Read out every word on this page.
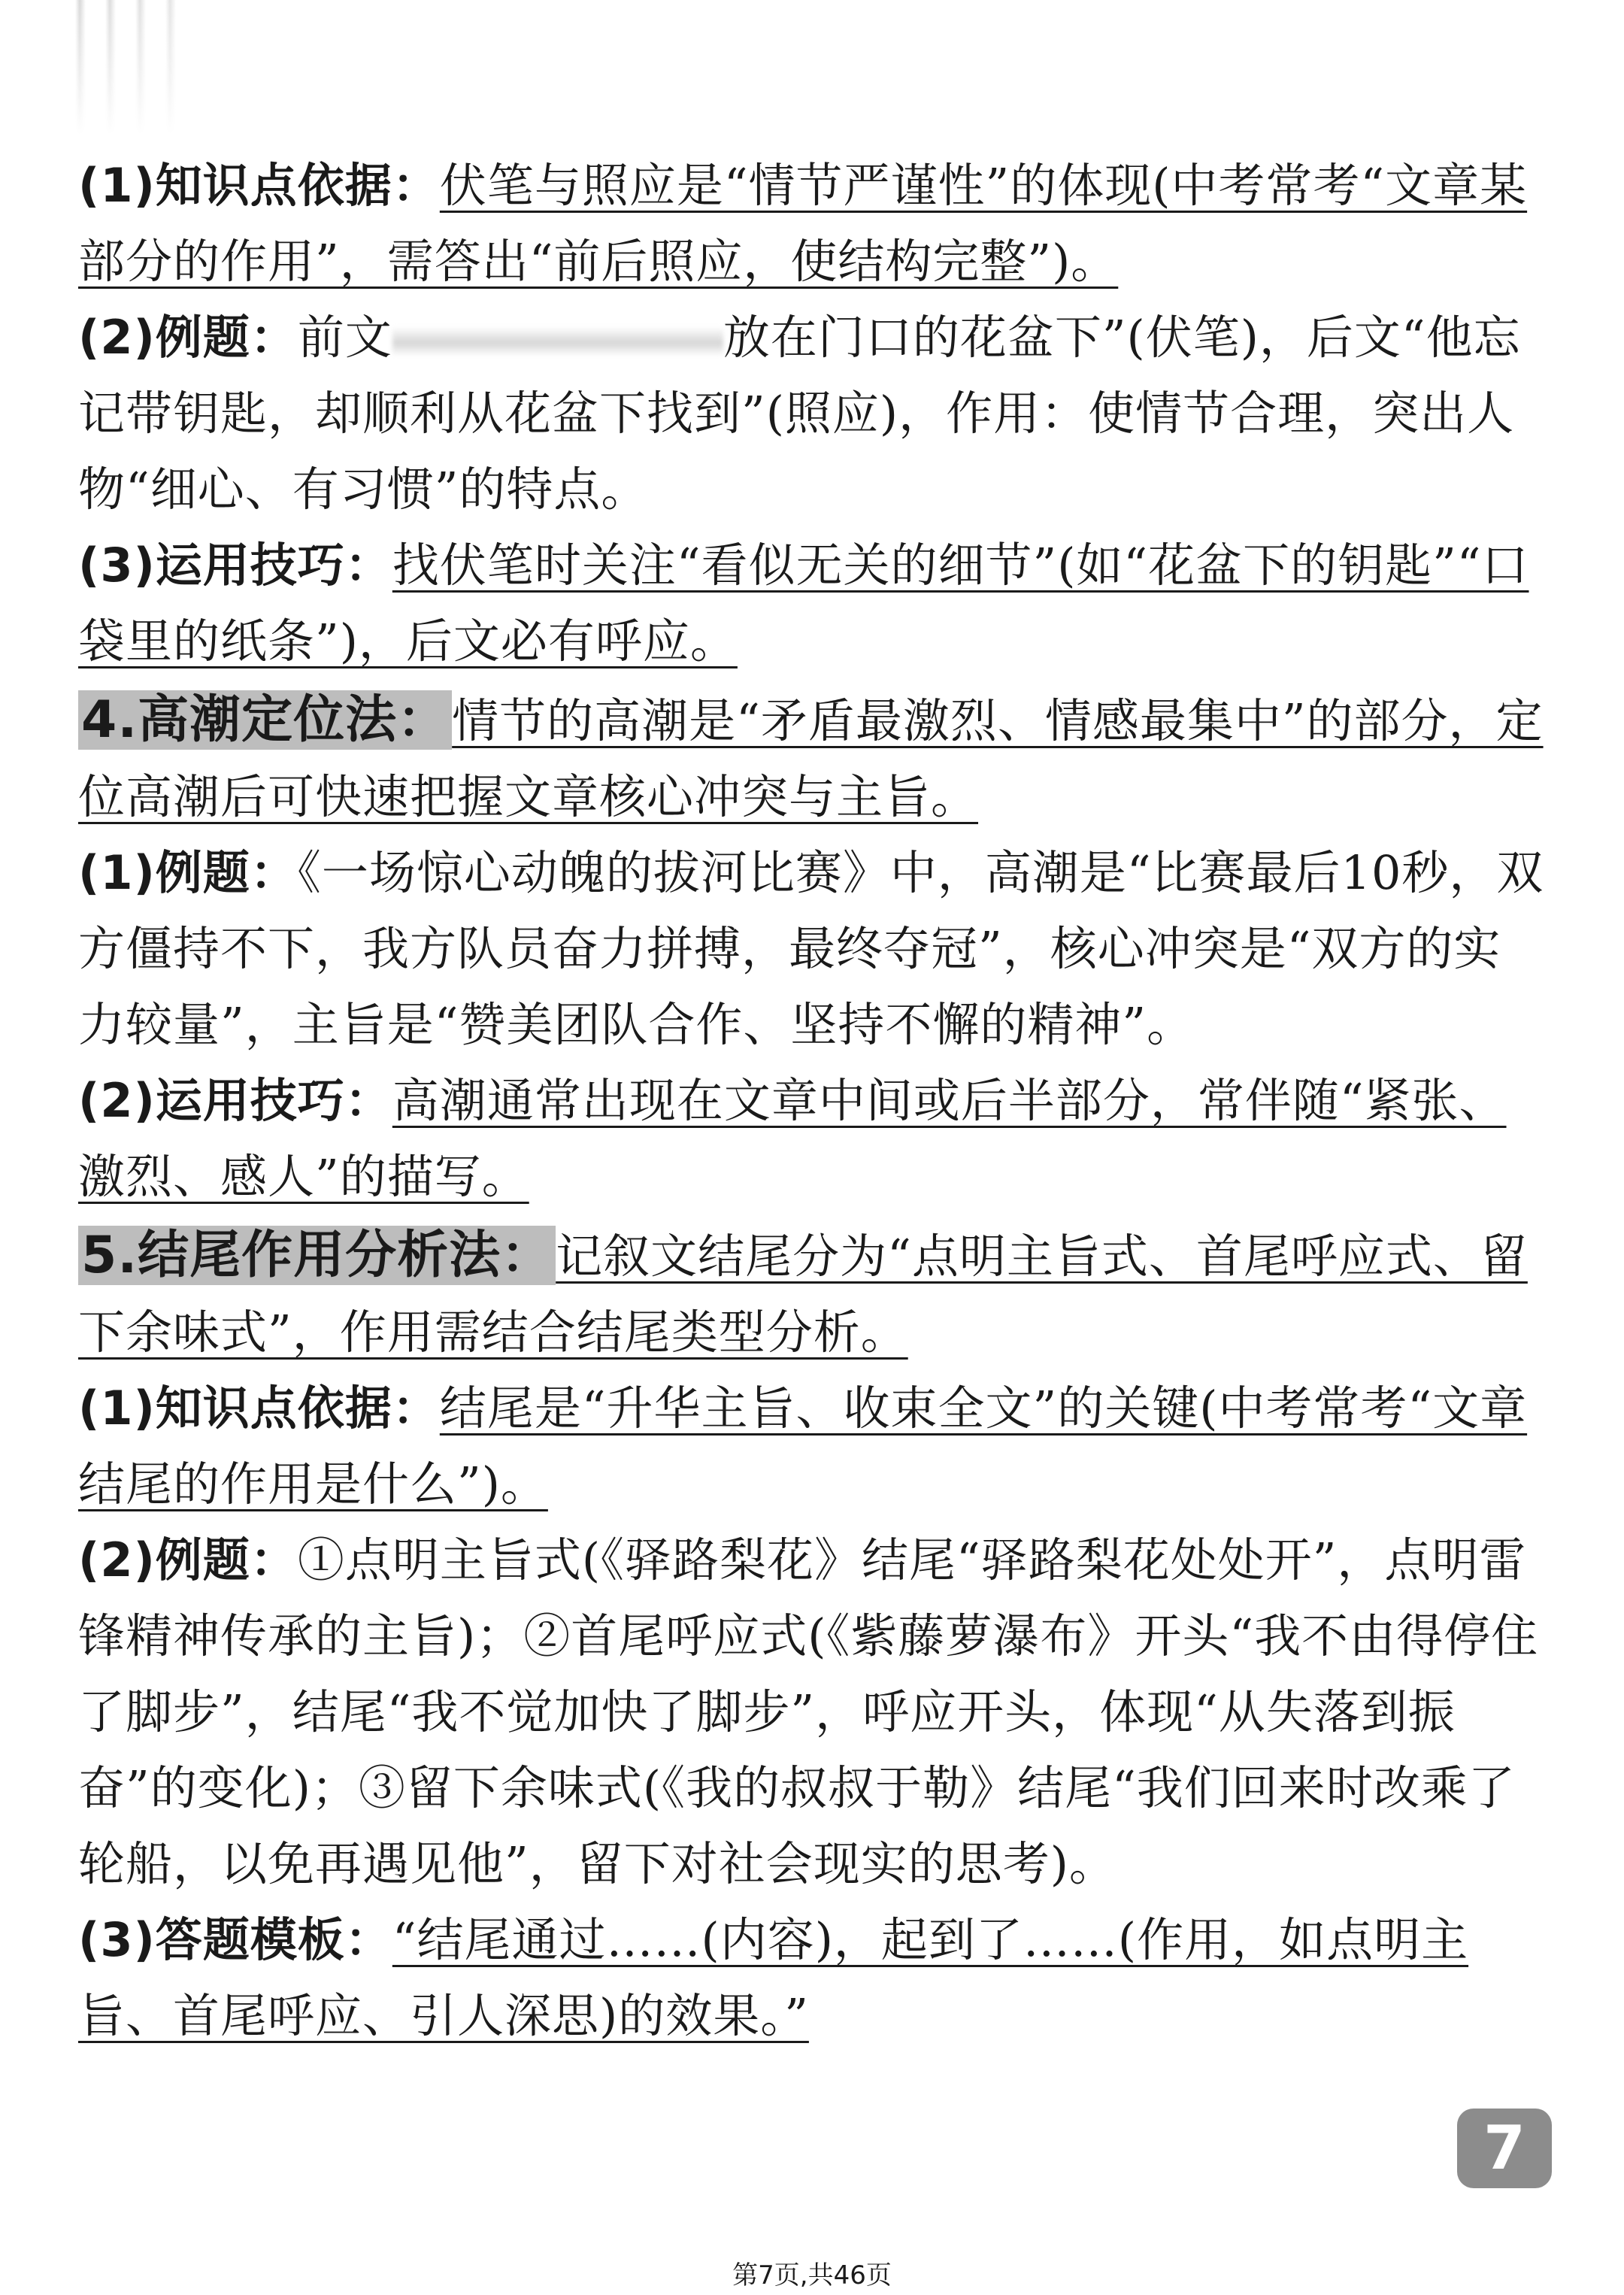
(1)知识点依据：伏笔与照应是“情节严谨性”的体现(中考常考“文章某部分的作用”，需答出“前后照应，使结构完整”)。

(2)例题：前文	放在门口的花盆下”(伏笔)，后文“他忘记带钥匙，却顺利从花盆下找到”(照应)，作用：使情节合理，突出人物“细心、有习惯”的特点。

(3)运用技巧：找伏笔时关注“看似无关的细节”(如“花盆下的钥匙”“口袋里的纸条”)，后文必有呼应。

4.高潮定位法：情节的高潮是“矛盾最激烈、情感最集中”的部分，定位高潮后可快速把握文章核心冲突与主旨。

(1)例题：《一场惊心动魄的拔河比赛》中，高潮是“比赛最后10秒，双方僵持不下，我方队员奋力拼搏，最终夺冠”，核心冲突是“双方的实力较量”，主旨是“赞美团队合作、坚持不懈的精神”。

(2)运用技巧：高潮通常出现在文章中间或后半部分，常伴随“紧张、激烈、感人”的描写。

5.结尾作用分析法：记叙文结尾分为“点明主旨式、首尾呼应式、留下余味式”，作用需结合结尾类型分析。

(1)知识点依据：结尾是“升华主旨、收束全文”的关键(中考常考“文章结尾的作用是什么”)。

(2)例题：①点明主旨式(《驿路梨花》结尾“驿路梨花处处开”，点明雷锋精神传承的主旨)；②首尾呼应式(《紫藤萝瀑布》开头“我不由得停住了脚步”，结尾“我不觉加快了脚步”，呼应开头，体现“从失落到振奋”的变化)；③留下余味式(《我的叔叔于勒》结尾“我们回来时改乘了轮船，以免再遇见他”，留下对社会现实的思考)。

(3)答题模板：“结尾通过……(内容)，起到了……(作用，如点明主旨、首尾呼应、引人深思)的效果。”

7
第7页,共46页
